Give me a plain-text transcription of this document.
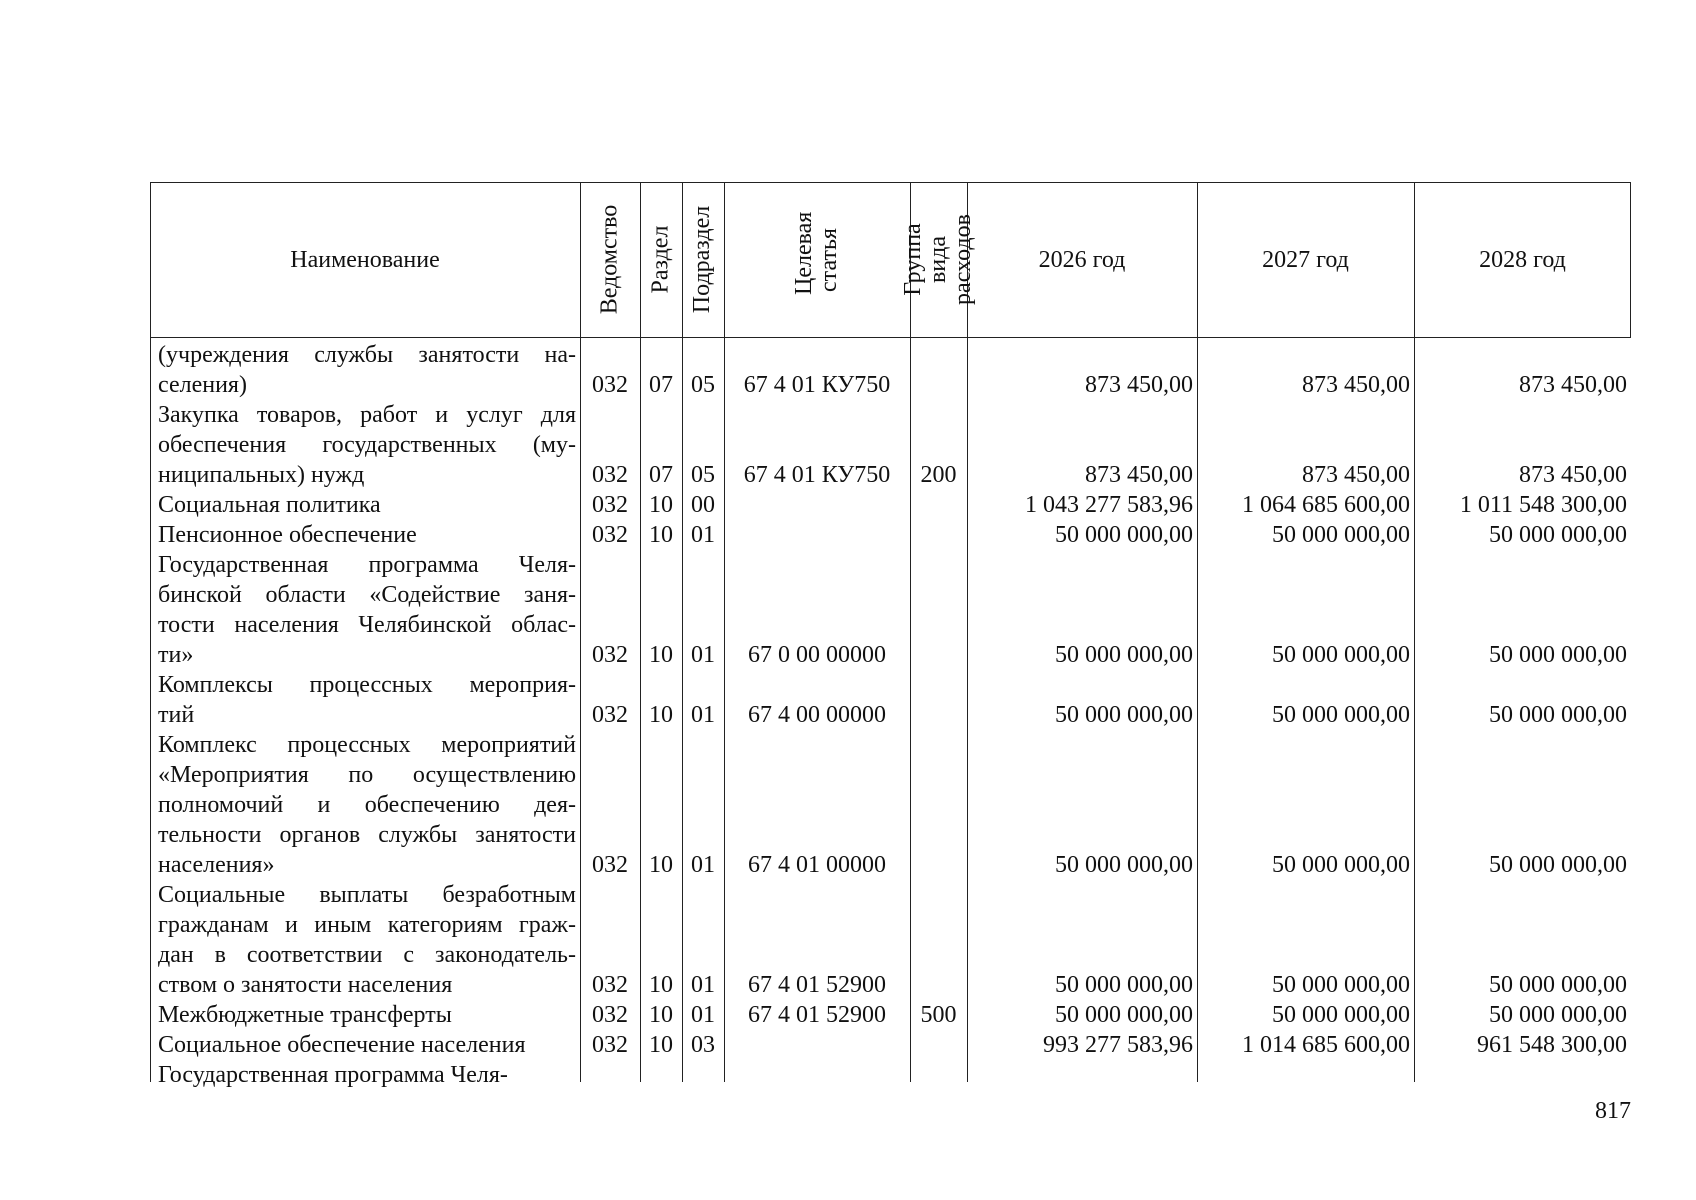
Наименование	Ведомство Раздел Подраздел	Целевая статья Группа вида расходов	2026 год	2027 год	2028 год
(учреждения службы занятости на-
селения)	032 07 05	67 4 01 КУ750	873 450,00	873 450,00	873 450,00
Закупка товаров, работ и услуг для
обеспечения государственных (му-
ниципальных) нужд	032 07 05	67 4 01 КУ750	200	873 450,00	873 450,00	873 450,00
Социальная политика	032 10 00	1 043 277 583,96	1 064 685 600,00	1 011 548 300,00
Пенсионное обеспечение	032 10 01	50 000 000,00	50 000 000,00	50 000 000,00
Государственная программа Челя-
бинской области «Содействие заня-
тости населения Челябинской облас-
ти»	032 10 01	67 0 00 00000	50 000 000,00	50 000 000,00	50 000 000,00
Комплексы процессных мероприя-
тий	032 10 01	67 4 00 00000	50 000 000,00	50 000 000,00	50 000 000,00
Комплекс процессных мероприятий
«Мероприятия по осуществлению
полномочий и обеспечению дея-
тельности органов службы занятости
населения»	032 10 01	67 4 01 00000	50 000 000,00	50 000 000,00	50 000 000,00
Социальные выплаты безработным
гражданам и иным категориям граж-
дан в соответствии с законодатель-
ством о занятости населения	032 10 01	67 4 01 52900	50 000 000,00	50 000 000,00	50 000 000,00
Межбюджетные трансферты	032 10 01	67 4 01 52900	500	50 000 000,00	50 000 000,00	50 000 000,00
Социальное обеспечение населения	032 10 03	993 277 583,96	1 014 685 600,00	961 548 300,00
Государственная программа Челя-
817
